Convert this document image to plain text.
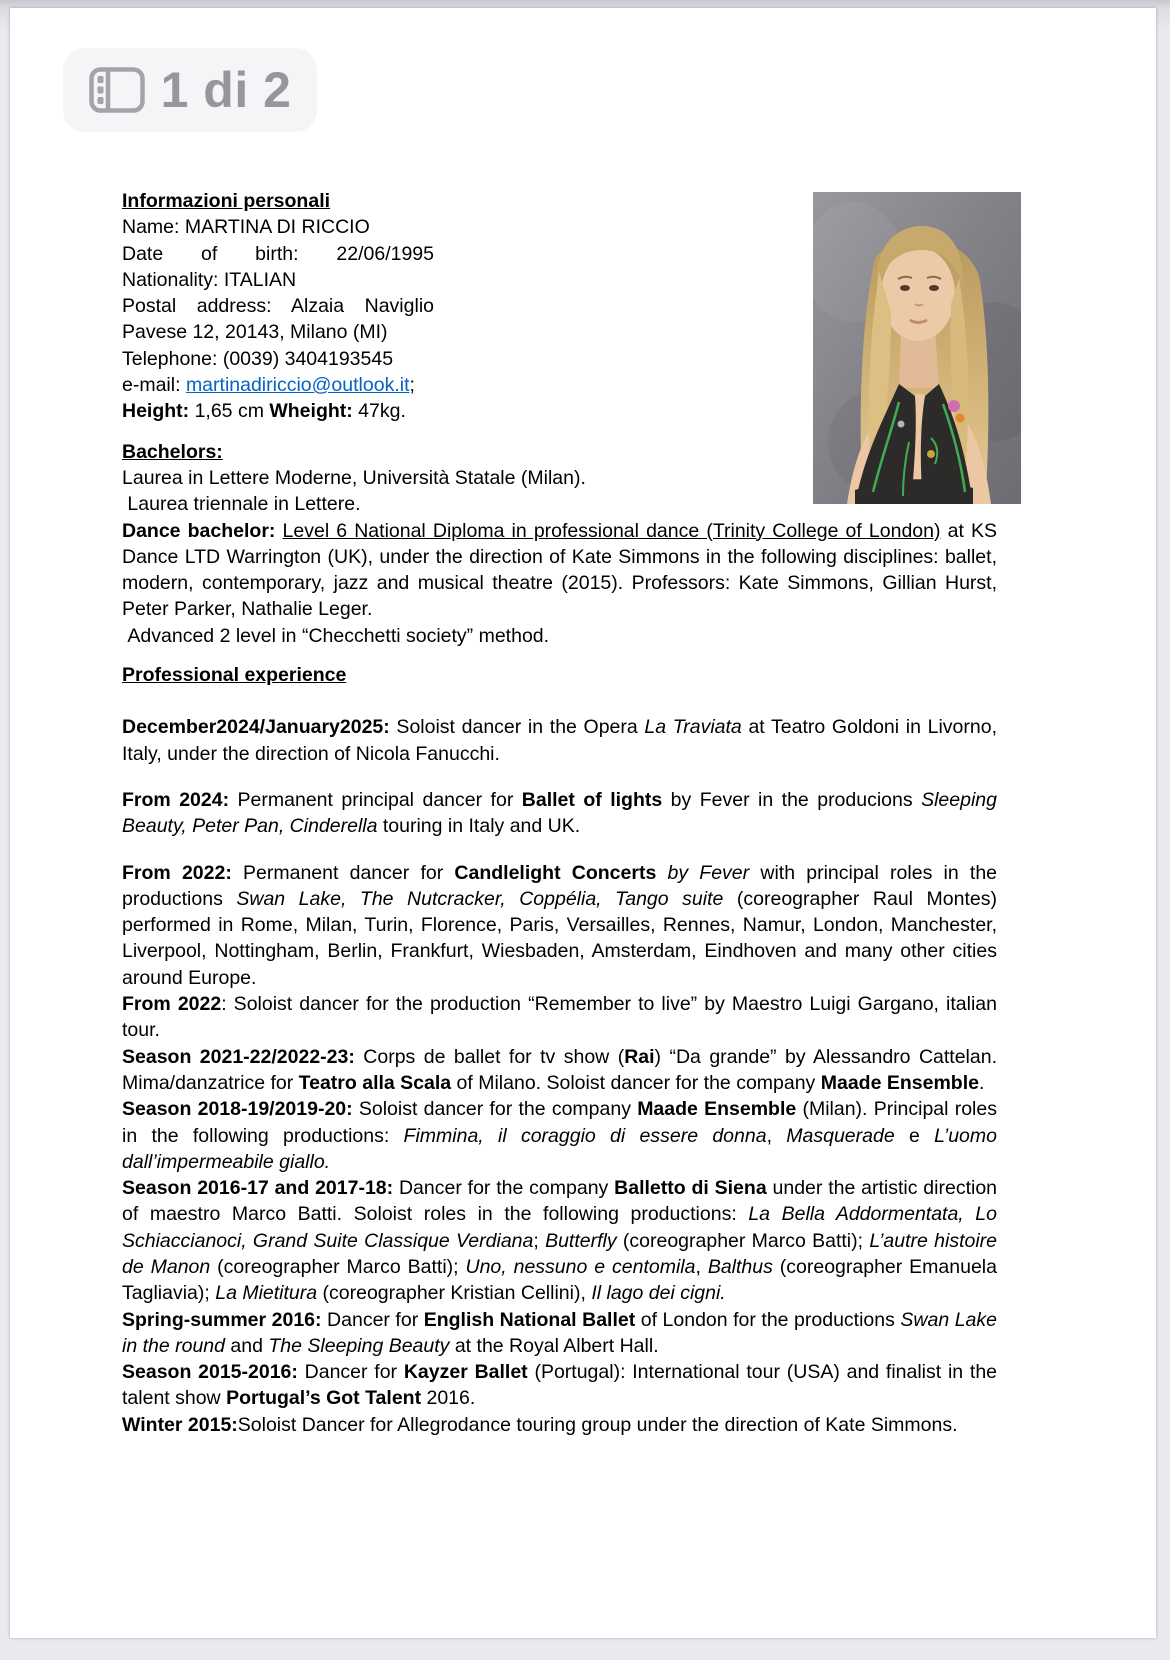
1 di 2
Informazioni personali
Name: MARTINA DI RICCIO
Date of birth: 22/06/1995
Nationality: ITALIAN
Postal address: Alzaia Naviglio
Pavese 12, 20143, Milano (MI)
Telephone: (0039) 3404193545
e-mail: martinadiriccio@outlook.it;
Height: 1,65 cm Wheight: 47kg.
Bachelors:
Laurea in Lettere Moderne, Università Statale (Milan).
Laurea triennale in Lettere.
Dance bachelor: Level 6 National Diploma in professional dance (Trinity College of London) at KS Dance LTD Warrington (UK), under the direction of Kate Simmons in the following disciplines: ballet, modern, contemporary, jazz and musical theatre (2015). Professors: Kate Simmons, Gillian Hurst, Peter Parker, Nathalie Leger.
Advanced 2 level in “Checchetti society” method.
Professional experience
December2024/January2025: Soloist dancer in the Opera La Traviata at Teatro Goldoni in Livorno, Italy, under the direction of Nicola Fanucchi.
From 2024: Permanent principal dancer for Ballet of lights by Fever in the producions Sleeping Beauty, Peter Pan, Cinderella touring in Italy and UK.
From 2022: Permanent dancer for Candlelight Concerts by Fever with principal roles in the productions Swan Lake, The Nutcracker, Coppélia, Tango suite (coreographer Raul Montes) performed in Rome, Milan, Turin, Florence, Paris, Versailles, Rennes, Namur, London, Manchester, Liverpool, Nottingham, Berlin, Frankfurt, Wiesbaden, Amsterdam, Eindhoven and many other cities around Europe.
From 2022: Soloist dancer for the production “Remember to live” by Maestro Luigi Gargano, italian tour.
Season 2021-22/2022-23: Corps de ballet for tv show (Rai) “Da grande” by Alessandro Cattelan. Mima/danzatrice for Teatro alla Scala of Milano. Soloist dancer for the company Maade Ensemble.
Season 2018-19/2019-20: Soloist dancer for the company Maade Ensemble (Milan). Principal roles in the following productions: Fimmina, il coraggio di essere donna, Masquerade e L’uomo dall’impermeabile giallo.
Season 2016-17 and 2017-18: Dancer for the company Balletto di Siena under the artistic direction of maestro Marco Batti. Soloist roles in the following productions: La Bella Addormentata, Lo Schiaccianoci, Grand Suite Classique Verdiana; Butterfly (coreographer Marco Batti); L’autre histoire de Manon (coreographer Marco Batti); Uno, nessuno e centomila, Balthus (coreographer Emanuela Tagliavia); La Mietitura (coreographer Kristian Cellini), Il lago dei cigni.
Spring-summer 2016: Dancer for English National Ballet of London for the productions Swan Lake in the round and The Sleeping Beauty at the Royal Albert Hall.
Season 2015-2016: Dancer for Kayzer Ballet (Portugal): International tour (USA) and finalist in the talent show Portugal’s Got Talent 2016.
Winter 2015:Soloist Dancer for Allegrodance touring group under the direction of Kate Simmons.
